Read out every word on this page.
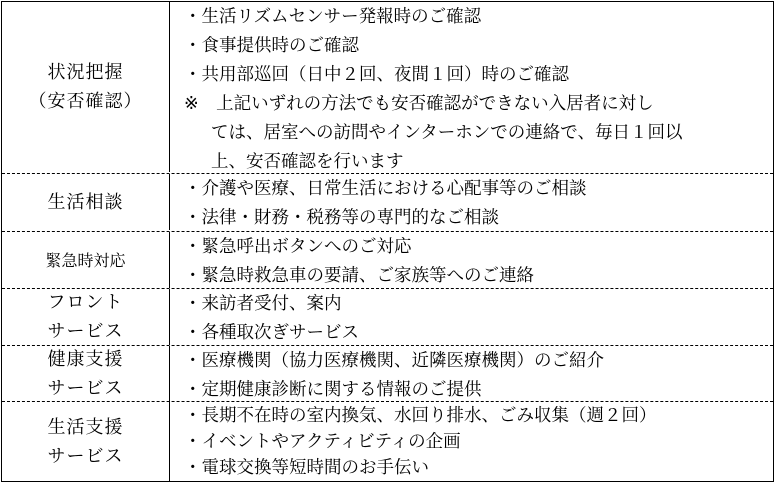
状況把握
（安否確認）
・生活リズムセンサー発報時のご確認
・食事提供時のご確認
・共用部巡回（日中２回、夜間１回）時のご確認
※　上記いずれの方法でも安否確認ができない入居者に対し
ては、居室への訪問やインターホンでの連絡で、毎日１回以
上、安否確認を行います
生活相談
・介護や医療、日常生活における心配事等のご相談
・法律・財務・税務等の専門的なご相談
緊急時対応
・緊急呼出ボタンへのご対応
・緊急時救急車の要請、ご家族等へのご連絡
フロント
サービス
・来訪者受付、案内
・各種取次ぎサービス
健康支援
サービス
・医療機関（協力医療機関、近隣医療機関）のご紹介
・定期健康診断に関する情報のご提供
生活支援
サービス
・長期不在時の室内換気、水回り排水、ごみ収集（週２回）
・イベントやアクティビティの企画
・電球交換等短時間のお手伝い
